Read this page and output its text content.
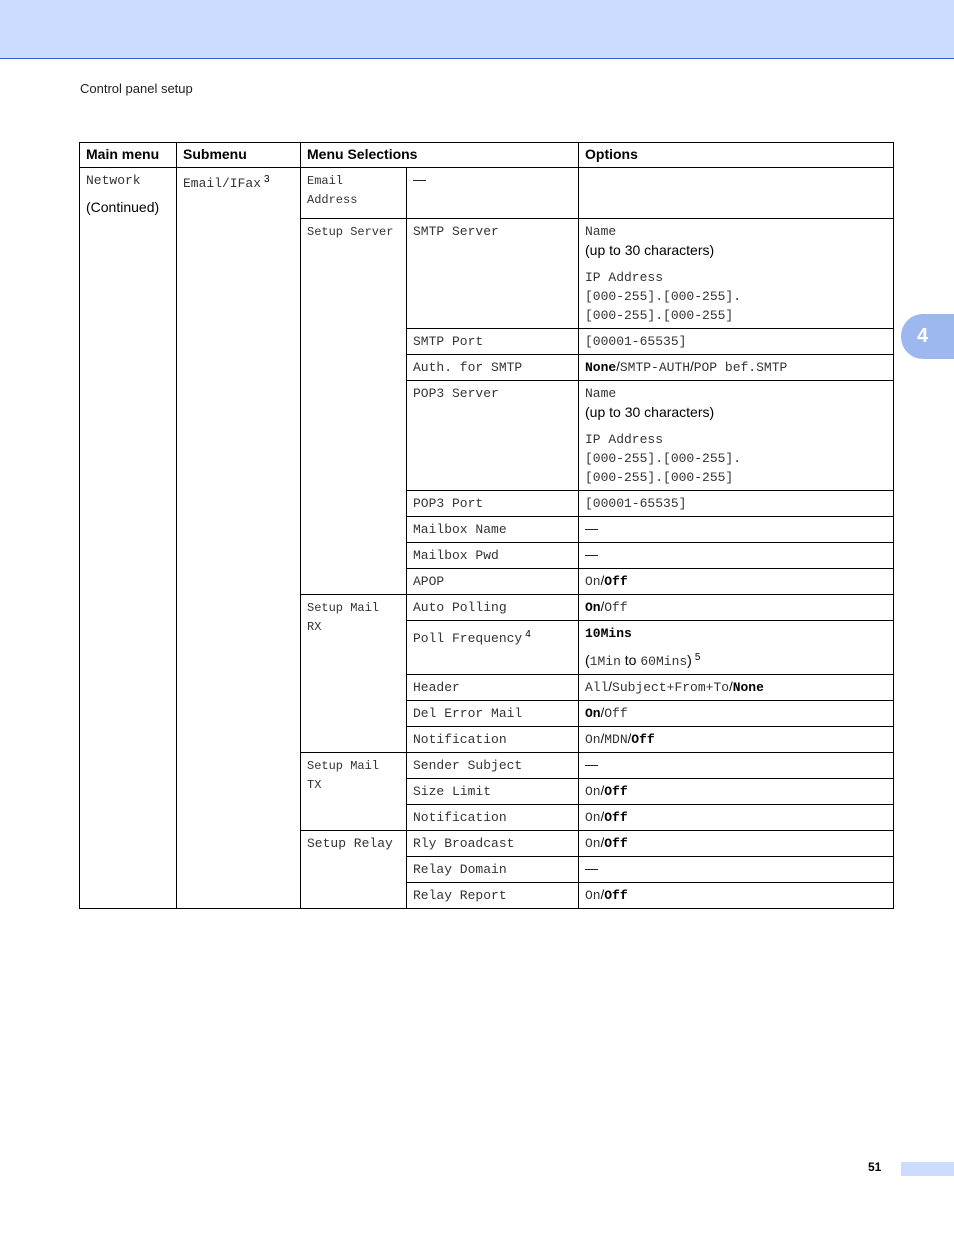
Control panel setup
4
Main menu	Submenu	Menu Selections		Options
Network
(Continued)	Email/IFax $^3$	Email Address	—	
		Setup Server	SMTP Server	Name
(up to 30 characters)
IP Address
[000-255].[000-255].
[000-255].[000-255]
			SMTP Port	[00001-65535]
			Auth. for SMTP	None/SMTP-AUTH/POP bef.SMTP
			POP3 Server	Name
(up to 30 characters)
IP Address
[000-255].[000-255].
[000-255].[000-255]
			POP3 Port	[00001-65535]
			Mailbox Name	—
			Mailbox Pwd	—
			APOP	On/Off
		Setup Mail RX	Auto Polling	On/Off
			Poll Frequency $^4$	10Mins
(1Min to 60Mins) $^5$
			Header	All/Subject+From+To/None
			Del Error Mail	On/Off
			Notification	On/MDN/Off
		Setup Mail TX	Sender Subject	—
			Size Limit	On/Off
			Notification	On/Off
		Setup Relay	Rly Broadcast	On/Off
			Relay Domain	—
			Relay Report	On/Off
51
